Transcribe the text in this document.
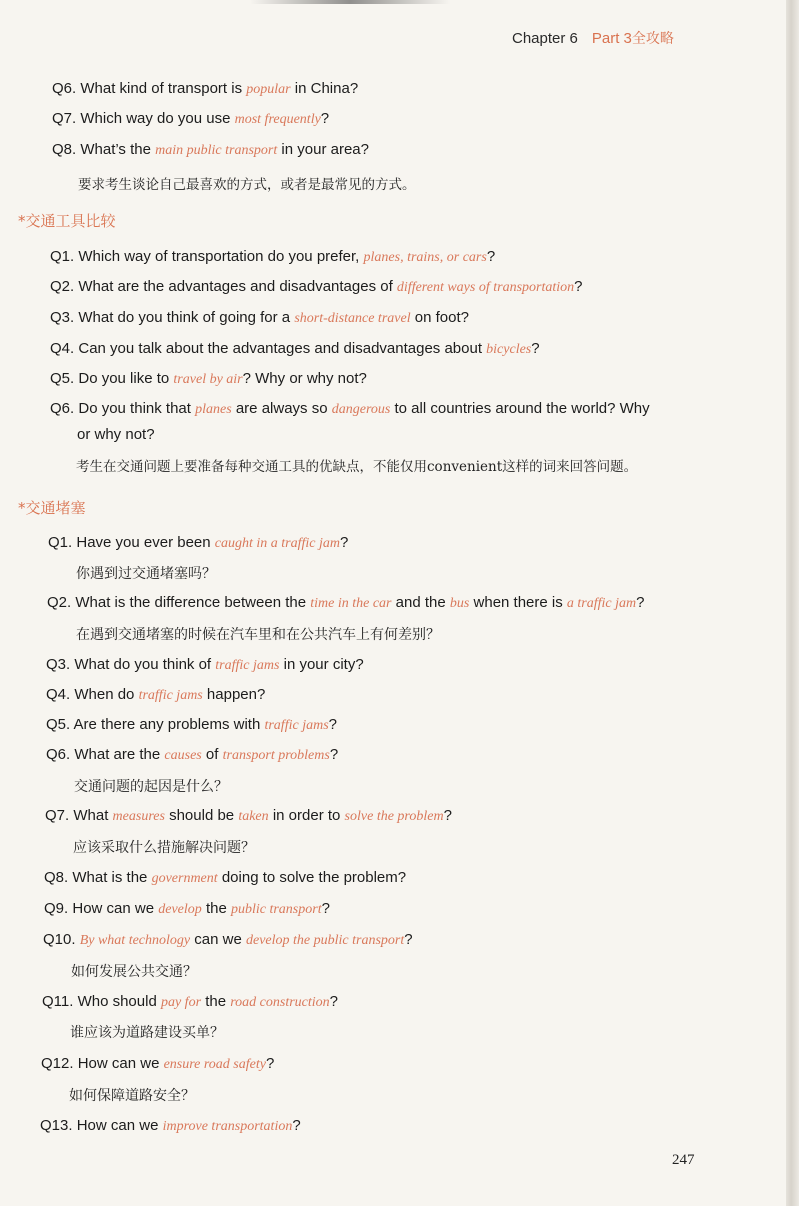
Chapter 6 Part 3全攻略
Q6. What kind of transport is popular in China?
Q7. Which way do you use most frequently?
Q8. What’s the main public transport in your area?
要求考生谈论自己最喜欢的方式，或者是最常见的方式。
*交通工具比较
Q1. Which way of transportation do you prefer, planes, trains, or cars?
Q2. What are the advantages and disadvantages of different ways of transportation?
Q3. What do you think of going for a short-distance travel on foot?
Q4. Can you talk about the advantages and disadvantages about bicycles?
Q5. Do you like to travel by air? Why or why not?
Q6. Do you think that planes are always so dangerous to all countries around the world? Why
or why not?
考生在交通问题上要准备每种交通工具的优缺点，不能仅用convenient这样的词来回答问题。
*交通堵塞
Q1. Have you ever been caught in a traffic jam?
你遇到过交通堵塞吗？
Q2. What is the difference between the time in the car and the bus when there is a traffic jam?
在遇到交通堵塞的时候在汽车里和在公共汽车上有何差别？
Q3. What do you think of traffic jams in your city?
Q4. When do traffic jams happen?
Q5. Are there any problems with traffic jams?
Q6. What are the causes of transport problems?
交通问题的起因是什么？
Q7. What measures should be taken in order to solve the problem?
应该采取什么措施解决问题？
Q8. What is the government doing to solve the problem?
Q9. How can we develop the public transport?
Q10. By what technology can we develop the public transport?
如何发展公共交通？
Q11. Who should pay for the road construction?
谁应该为道路建设买单？
Q12. How can we ensure road safety?
如何保障道路安全？
Q13. How can we improve transportation?
247
